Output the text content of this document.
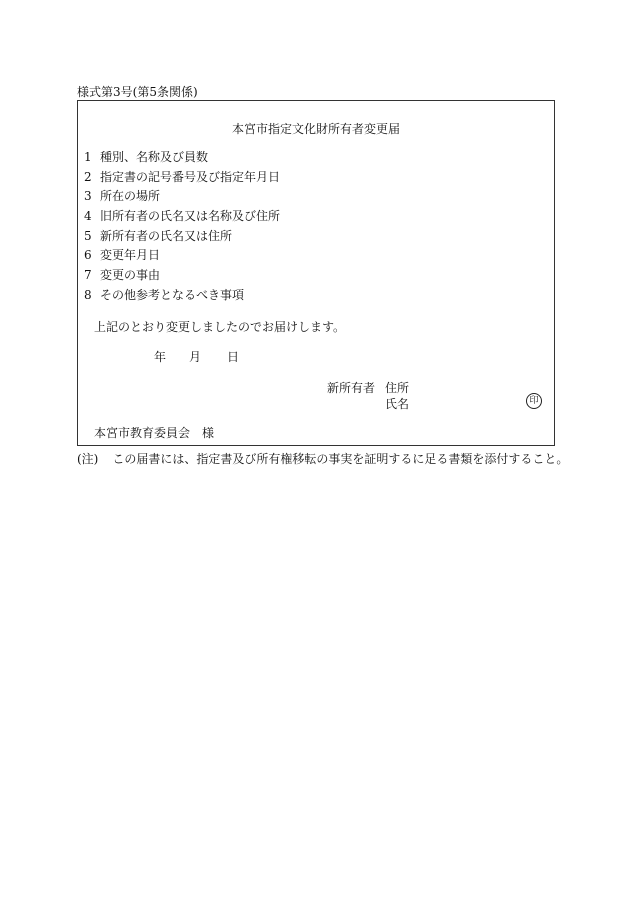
様式第3号(第5条関係)
本宮市指定文化財所有者変更届
1 種別、名称及び員数
2 指定書の記号番号及び指定年月日
3 所在の場所
4 旧所有者の氏名又は名称及び住所
5 新所有者の氏名又は住所
6 変更年月日
7 変更の事由
8 その他参考となるべき事項
上記のとおり変更しましたのでお届けします。
年 月 日
新所有者 住所
氏名	印
本宮市教育委員会　様
(注) この届書には、指定書及び所有権移転の事実を証明するに足る書類を添付すること。
